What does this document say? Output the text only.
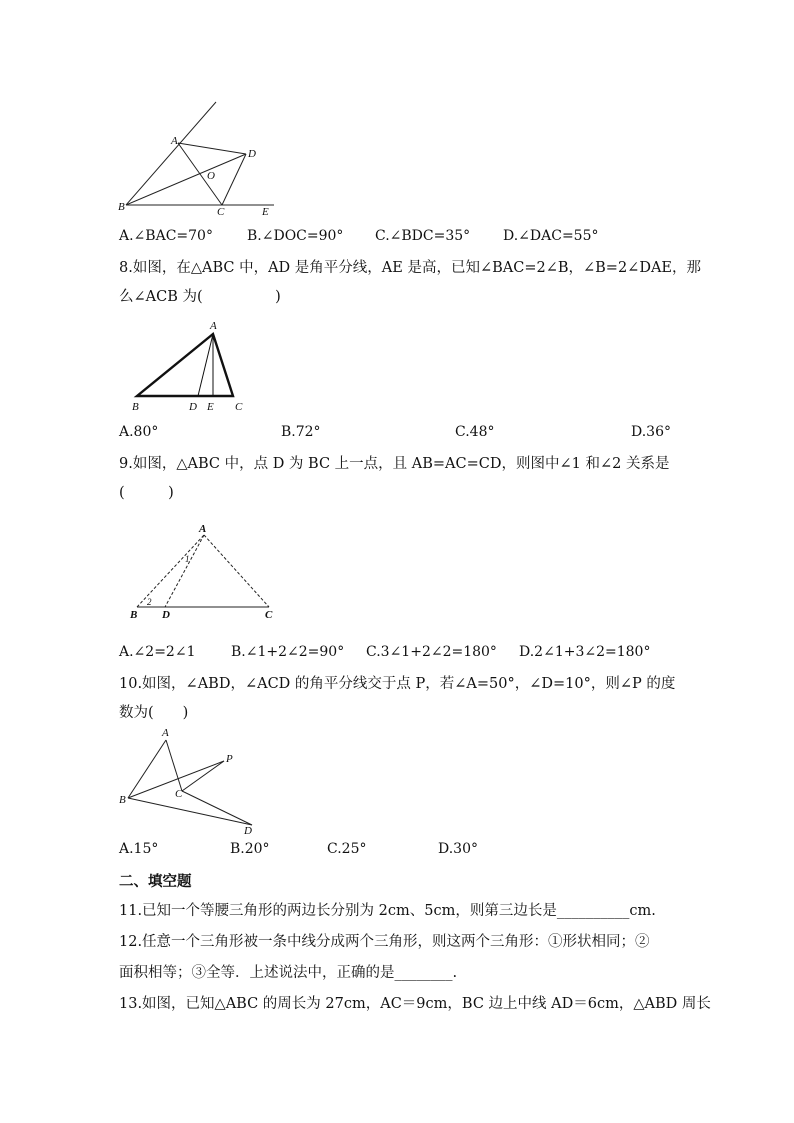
A
B	C
D
E
O
A.∠BAC=70° B.∠DOC=90° C.∠BDC=35° D.∠DAC=55°
8.如图，在△ABC 中，AD 是角平分线，AE 是高，已知∠BAC=2∠B，∠B=2∠DAE，那
么∠ACB 为(　　　　　)
A
B	D E C
A.80°	B.72°	C.48°	D.36°
9.如图，△ABC 中，点 D 为 BC 上一点，且 AB=AC=CD，则图中∠1 和∠2 关系是
(　　　)
A
B D	C
1
2
A.∠2=2∠1	B.∠1+2∠2=90° C.3∠1+2∠2=180° D.2∠1+3∠2=180°
10.如图，∠ABD，∠ACD 的角平分线交于点 P，若∠A=50°，∠D=10°，则∠P 的度
数为(　　)
A
B	C
P
D
A.15°	B.20°	C.25°	D.30°
二、填空题
11.已知一个等腰三角形的两边长分别为 2cm、5cm，则第三边长是__________cm.
12.任意一个三角形被一条中线分成两个三角形，则这两个三角形：①形状相同；②
面积相等；③全等．上述说法中，正确的是________.
13.如图，已知△ABC 的周长为 27cm，AC＝9cm，BC 边上中线 AD＝6cm，△ABD 周长
